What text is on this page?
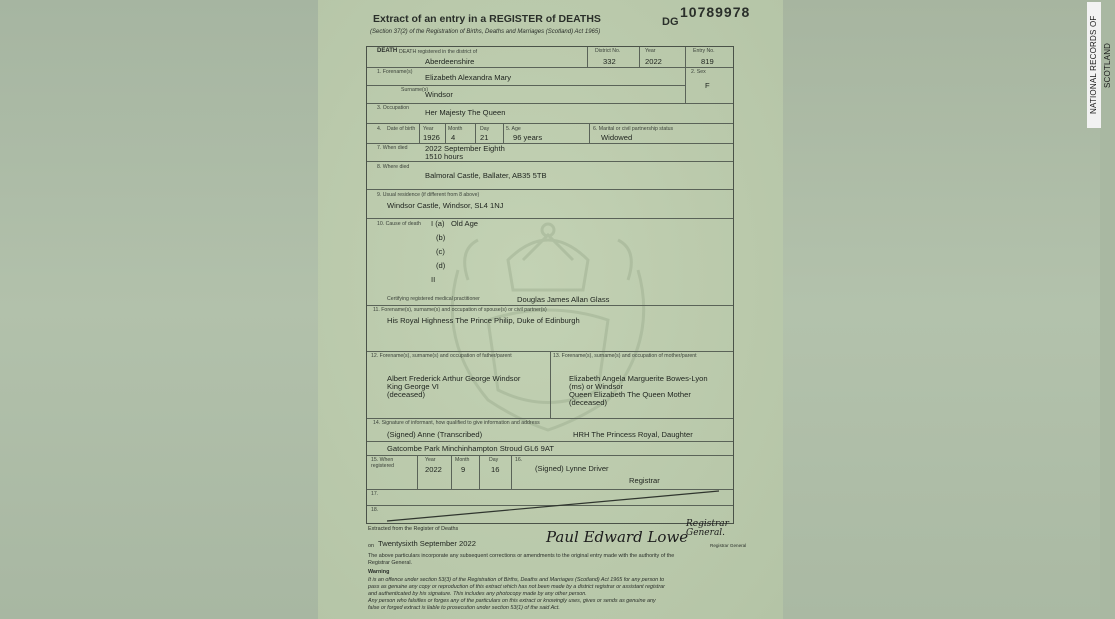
NATIONAL RECORDS OF SCOTLAND
10789978
DG
Extract of an entry in a REGISTER of DEATHS
(Section 37(2) of the Registration of Births, Deaths and Marriages (Scotland) Act 1965)
DEATH DEATH registered in the district of
Aberdeenshire
District No.
332
Year
2022
Entry No.
819
1. Forename(s)
Elizabeth Alexandra Mary
Surname(s)
Windsor
2. Sex
F
3. Occupation Her Majesty The Queen
4. Date of birth	Year
1926
Month
4
Day
21
5. Age
96 years
6. Marital or civil partnership status
Widowed
7. When died 2022 September Eighth
1510 hours
8. Where died
Balmoral Castle, Ballater, AB35 5TB
9. Usual residence (if different from 8 above)
Windsor Castle, Windsor, SL4 1NJ
10. Cause of death I (a) Old Age
(b)
(c)
(d)
II
Certifying registered medical practitioner	Douglas James Allan Glass
11. Forename(s), surname(s) and occupation of spouse(s) or civil partner(s)
His Royal Highness The Prince Philip, Duke of Edinburgh
12. Forename(s), surname(s) and occupation of father/parent
Albert Frederick Arthur George Windsor
King George VI
(deceased)
13. Forename(s), surname(s) and occupation of mother/parent
Elizabeth Angela Marguerite Bowes-Lyon
(ms) or Windsor
Queen Elizabeth The Queen Mother
(deceased)
14. Signature of informant, how qualified to give information and address
(Signed) Anne (Transcribed)	HRH The Princess Royal, Daughter
Gatcombe Park Minchinhampton Stroud GL6 9AT
15. When registered
Year
2022
Month
9
Day
16
16.
(Signed) Lynne Driver
Registrar
17.
18.
Extracted from the Register of Deaths
on Twentysixth September 2022	Paul Edward Lowe
Registrar General.
Registrar General
The above particulars incorporate any subsequent corrections or amendments to the original entry made with the authority of the
Registrar General.
Warning
It is an offence under section 53(3) of the Registration of Births, Deaths and Marriages (Scotland) Act 1965 for any person to
pass as genuine any copy or reproduction of this extract which has not been made by a district registrar or assistant registrar
and authenticated by his signature. This includes any photocopy made by any other person.
Any person who falsifies or forges any of the particulars on this extract or knowingly uses, gives or sends as genuine any
false or forged extract is liable to prosecution under section 53(1) of the said Act.
